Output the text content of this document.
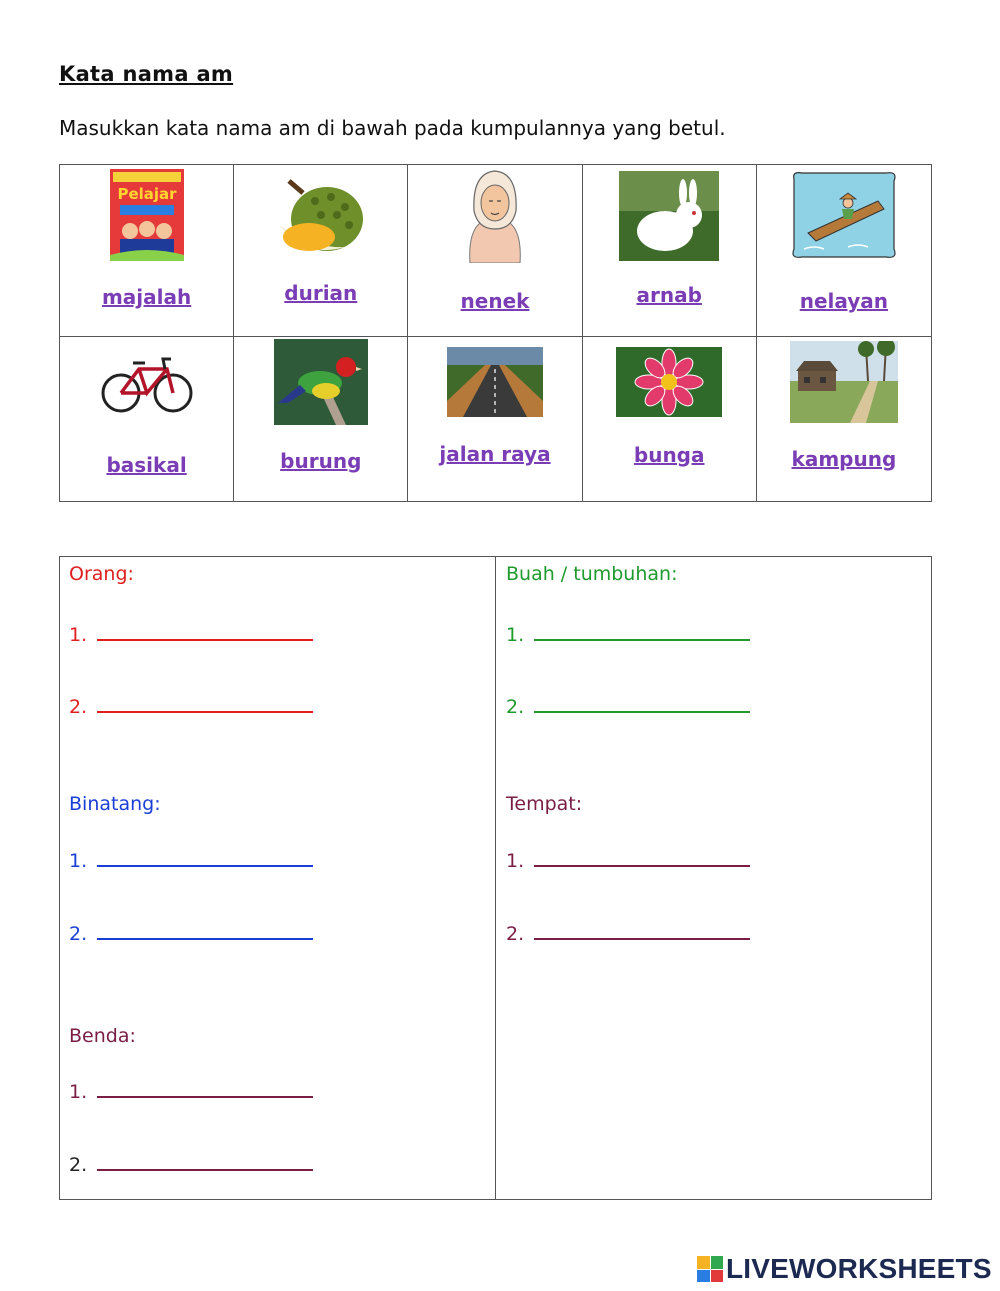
Kata nama am
Masukkan kata nama am di bawah pada kumpulannya yang betul.
Pelajar
majalah	durian	nenek	arnab	nelayan
basikal	burung	jalan raya	bunga	kampung
Orang:
1.
2.
Binatang:
1.
2.
Benda:
1.
2.
Buah / tumbuhan:
1.
2.
Tempat:
1.
2.
LIVEWORKSHEETS
